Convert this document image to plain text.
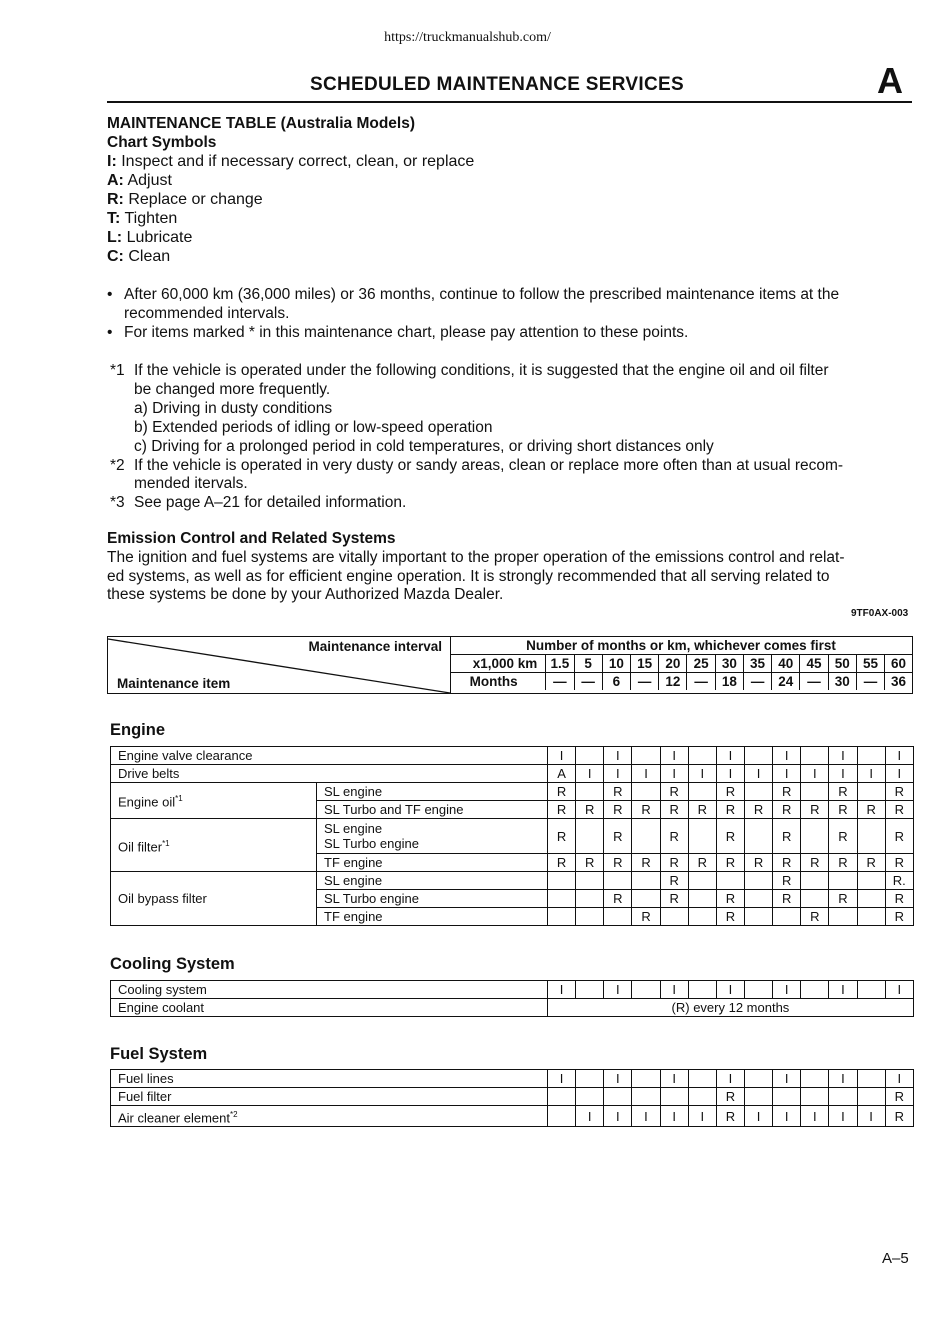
https://truckmanualshub.com/
SCHEDULED MAINTENANCE SERVICES	A
MAINTENANCE TABLE (Australia Models)
Chart Symbols
I: Inspect and if necessary correct, clean, or replace
A: Adjust
R: Replace or change
T: Tighten
L: Lubricate
C: Clean
• After 60,000 km (36,000 miles) or 36 months, continue to follow the prescribed maintenance items at the
recommended intervals.
• For items marked * in this maintenance chart, please pay attention to these points.
*1 If the vehicle is operated under the following conditions, it is suggested that the engine oil and oil filter
be changed more frequently.
a) Driving in dusty conditions
b) Extended periods of idling or low-speed operation
c) Driving for a prolonged period in cold temperatures, or driving short distances only
*2 If the vehicle is operated in very dusty or sandy areas, clean or replace more often than at usual recom-
mended itervals.
*3 See page A–21 for detailed information.
Emission Control and Related Systems
The ignition and fuel systems are vitally important to the proper operation of the emissions control and relat-
ed systems, as well as for efficient engine operation. It is strongly recommended that all serving related to
these systems be done by your Authorized Mazda Dealer.
9TF0AX-003
Maintenance interval
Maintenance item
Number of months or km, whichever comes first													
x1,000 km	1.5	5	10	15	20	25	30	35	40	45	50	55	60
Months	—	—	6	—	12	—	18	—	24	—	30	—	36
Engine
Engine valve clearance		I		I		I		I		I		I		I
Drive belts		A	I	I	I	I	I	I	I	I	I	I	I	I
Engine oil$^{*1}$	SL engine	R		R		R		R		R		R		R
	SL Turbo and TF engine	R	R	R	R	R	R	R	R	R	R	R	R	R
Oil filter$^{*1}$	SL engine
SL Turbo engine	R		R		R		R		R		R		R
	TF engine	R	R	R	R	R	R	R	R	R	R	R	R	R
Oil bypass filter	SL engine					R				R				R.
	SL Turbo engine			R		R		R		R		R		R
	TF engine				R			R			R			R
Cooling System
Cooling system	I		I		I		I		I		I		I
Engine coolant	(R) every 12 months												
Fuel System
Fuel lines	I		I		I		I		I		I		I
Fuel filter							R						R
Air cleaner element$^{*2}$		I	I	I	I	I	R	I	I	I	I	I	R
A–5
